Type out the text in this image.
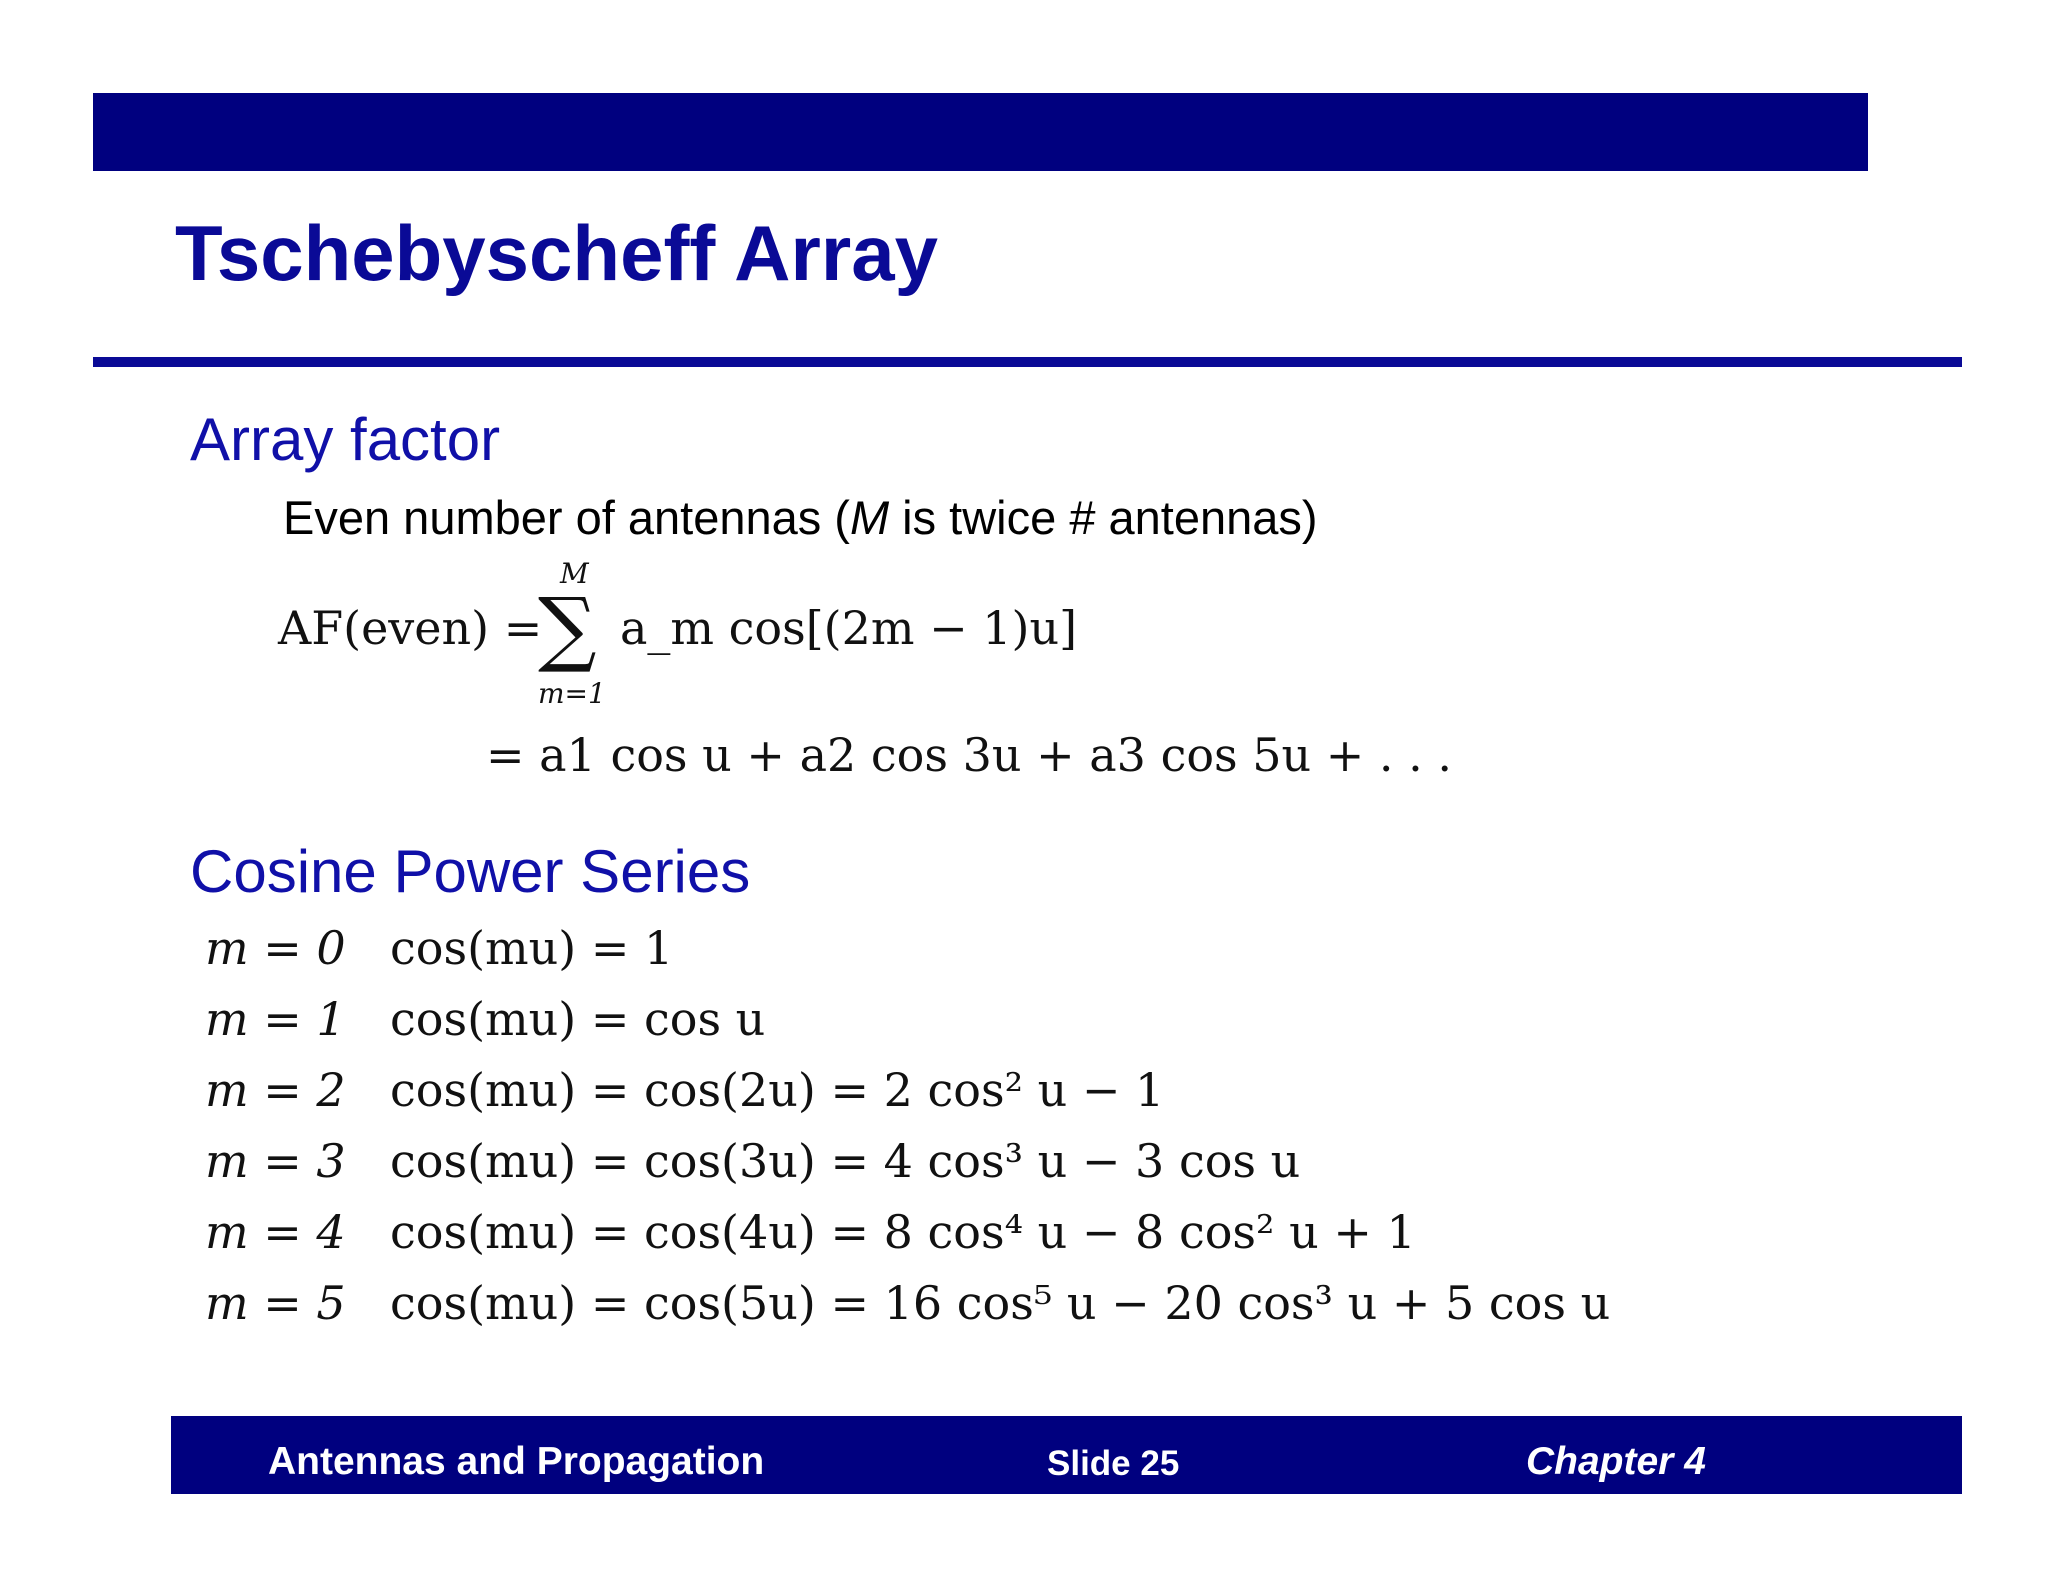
Tschebyscheff Array
Array factor
Even number of antennas (M is twice # antennas)
AF(even) =
M
∑
m=1
a_m cos[(2m − 1)u]
= a1 cos u + a2 cos 3u + a3 cos 5u + . . .
Cosine Power Series
m = 0 cos(mu) = 1
m = 1 cos(mu) = cos u
m = 2 cos(mu) = cos(2u) = 2 cos² u − 1
m = 3 cos(mu) = cos(3u) = 4 cos³ u − 3 cos u
m = 4 cos(mu) = cos(4u) = 8 cos⁴ u − 8 cos² u + 1
m = 5 cos(mu) = cos(5u) = 16 cos⁵ u − 20 cos³ u + 5 cos u
Antennas and Propagation	Slide 25	Chapter 4
